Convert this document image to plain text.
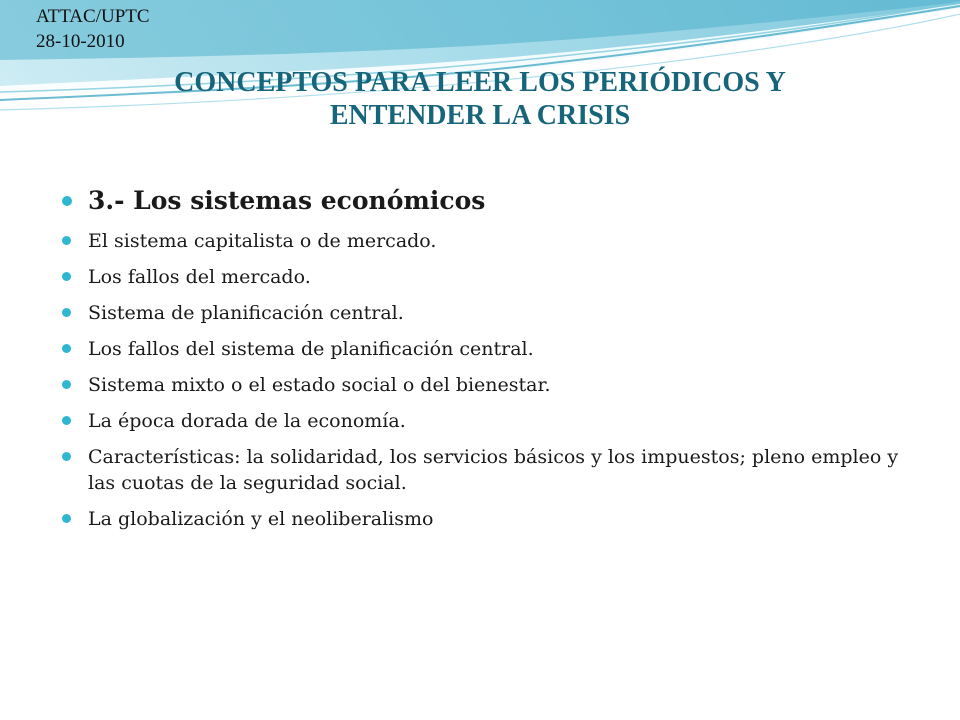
ATTAC/UPTC
28-10-2010
CONCEPTOS PARA LEER LOS PERIÓDICOS Y
ENTENDER LA CRISIS
3.- Los sistemas económicos
El sistema capitalista o de mercado.
Los fallos del mercado.
Sistema de planificación central.
Los fallos del sistema de planificación central.
Sistema mixto o el estado social o del bienestar.
La época dorada de la economía.
Características: la solidaridad, los servicios básicos y los impuestos; pleno empleo y las cuotas de la seguridad social.
La globalización y el neoliberalismo
